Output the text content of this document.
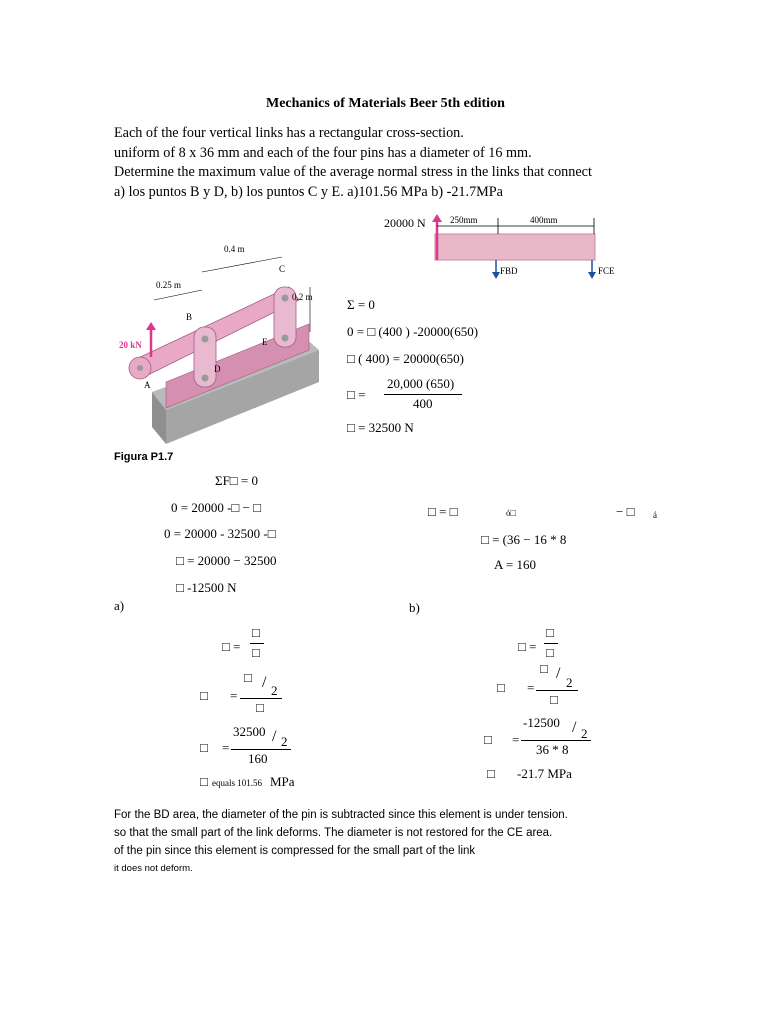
Mechanics of Materials Beer 5th edition
Each of the four vertical links has a rectangular cross-section.
uniform of 8 x 36 mm and each of the four pins has a diameter of 16 mm.
Determine the maximum value of the average normal stress in the links that connect
a) los puntos B y D, b) los puntos C y E. a)101.56 MPa b) -21.7MPa
20000 N	250mm	400mm
FBD	FCE
0.4 m
0.25 m
0.2 m
20 kN
A
B
C
D
E
Figura P1.7
Σ = 0
0 = □ (400 ) -20000(650)
□ ( 400) = 20000(650)
□ =
20,000 (650)
400
□ = 32500 N
ΣF□ = 0
0 = 20000 -□ − □
0 = 20000 - 32500 -□
□ = 20000 − 32500
□ -12500 N
□ = □	ó□	− □ á
□ = (36 − 16 * 8
A = 160
a)
□ =
□
□
□ =
□ / 2
□
□ =
32500 / 2
160
□ equals 101.56 MPa
b)
□ =
□
□
□ =
□ /
2
□
□ =
-12500 / 2
36 * 8
□ -21.7 MPa
For the BD area, the diameter of the pin is subtracted since this element is under tension.
so that the small part of the link deforms. The diameter is not restored for the CE area.
of the pin since this element is compressed for the small part of the link
it does not deform.
